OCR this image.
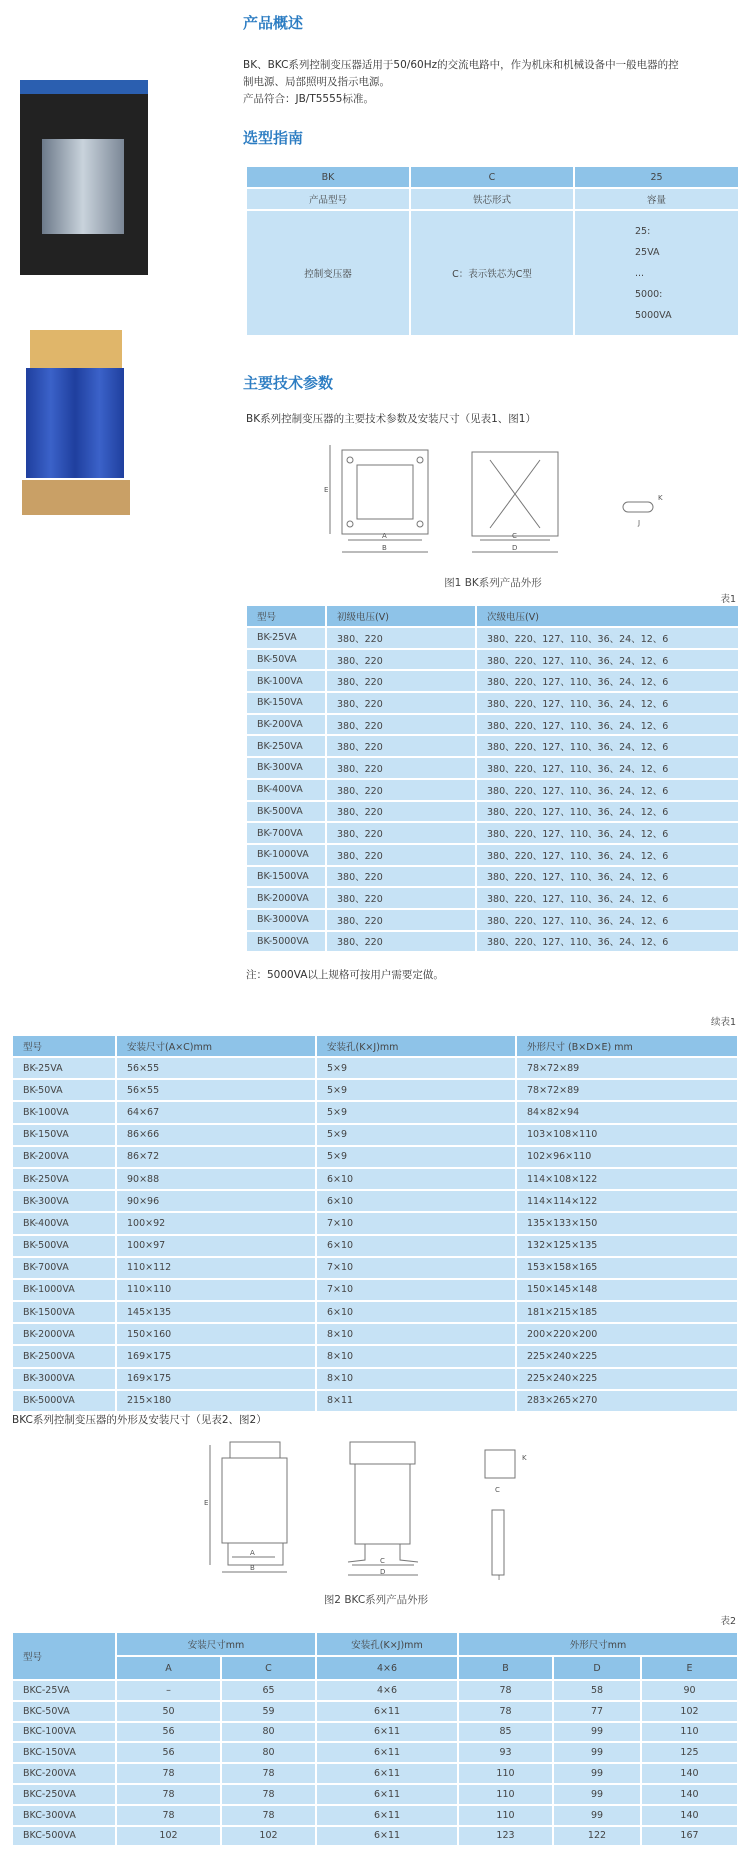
产品概述
BK、BKC系列控制变压器适用于50/60Hz的交流电路中，作为机床和机械设备中一般电器的控
制电源、局部照明及指示电源。
产品符合：JB/T5555标准。
选型指南
BK	C	25
产品型号	铁芯形式	容量
控制变压器	C：表示铁芯为C型	25:
25VA
...
5000:
5000VA
主要技术参数
BK系列控制变压器的主要技术参数及安装尺寸（见表1、图1）
A
B
E
C
D
K
J
图1 BK系列产品外形
表1
型号	初级电压(V)	次级电压(V)
BK-25VA	380、220	380、220、127、110、36、24、12、6
BK-50VA	380、220	380、220、127、110、36、24、12、6
BK-100VA	380、220	380、220、127、110、36、24、12、6
BK-150VA	380、220	380、220、127、110、36、24、12、6
BK-200VA	380、220	380、220、127、110、36、24、12、6
BK-250VA	380、220	380、220、127、110、36、24、12、6
BK-300VA	380、220	380、220、127、110、36、24、12、6
BK-400VA	380、220	380、220、127、110、36、24、12、6
BK-500VA	380、220	380、220、127、110、36、24、12、6
BK-700VA	380、220	380、220、127、110、36、24、12、6
BK-1000VA	380、220	380、220、127、110、36、24、12、6
BK-1500VA	380、220	380、220、127、110、36、24、12、6
BK-2000VA	380、220	380、220、127、110、36、24、12、6
BK-3000VA	380、220	380、220、127、110、36、24、12、6
BK-5000VA	380、220	380、220、127、110、36、24、12、6
注：5000VA以上规格可按用户需要定做。
续表1
型号	安装尺寸(A×C)mm	安装孔(K×J)mm	外形尺寸 (B×D×E) mm
BK-25VA	56×55	5×9	78×72×89
BK-50VA	56×55	5×9	78×72×89
BK-100VA	64×67	5×9	84×82×94
BK-150VA	86×66	5×9	103×108×110
BK-200VA	86×72	5×9	102×96×110
BK-250VA	90×88	6×10	114×108×122
BK-300VA	90×96	6×10	114×114×122
BK-400VA	100×92	7×10	135×133×150
BK-500VA	100×97	6×10	132×125×135
BK-700VA	110×112	7×10	153×158×165
BK-1000VA	110×110	7×10	150×145×148
BK-1500VA	145×135	6×10	181×215×185
BK-2000VA	150×160	8×10	200×220×200
BK-2500VA	169×175	8×10	225×240×225
BK-3000VA	169×175	8×10	225×240×225
BK-5000VA	215×180	8×11	283×265×270
BKC系列控制变压器的外形及安装尺寸（见表2、图2）
A
B
E
C
D
C
K
J
图2 BKC系列产品外形
表2
型号	安装尺寸mm		安装孔(K×J)mm	外形尺寸mm		
	A	C	4×6	B	D	E
BKC-25VA	–	65	4×6	78	58	90
BKC-50VA	50	59	6×11	78	77	102
BKC-100VA	56	80	6×11	85	99	110
BKC-150VA	56	80	6×11	93	99	125
BKC-200VA	78	78	6×11	110	99	140
BKC-250VA	78	78	6×11	110	99	140
BKC-300VA	78	78	6×11	110	99	140
BKC-500VA	102	102	6×11	123	122	167
